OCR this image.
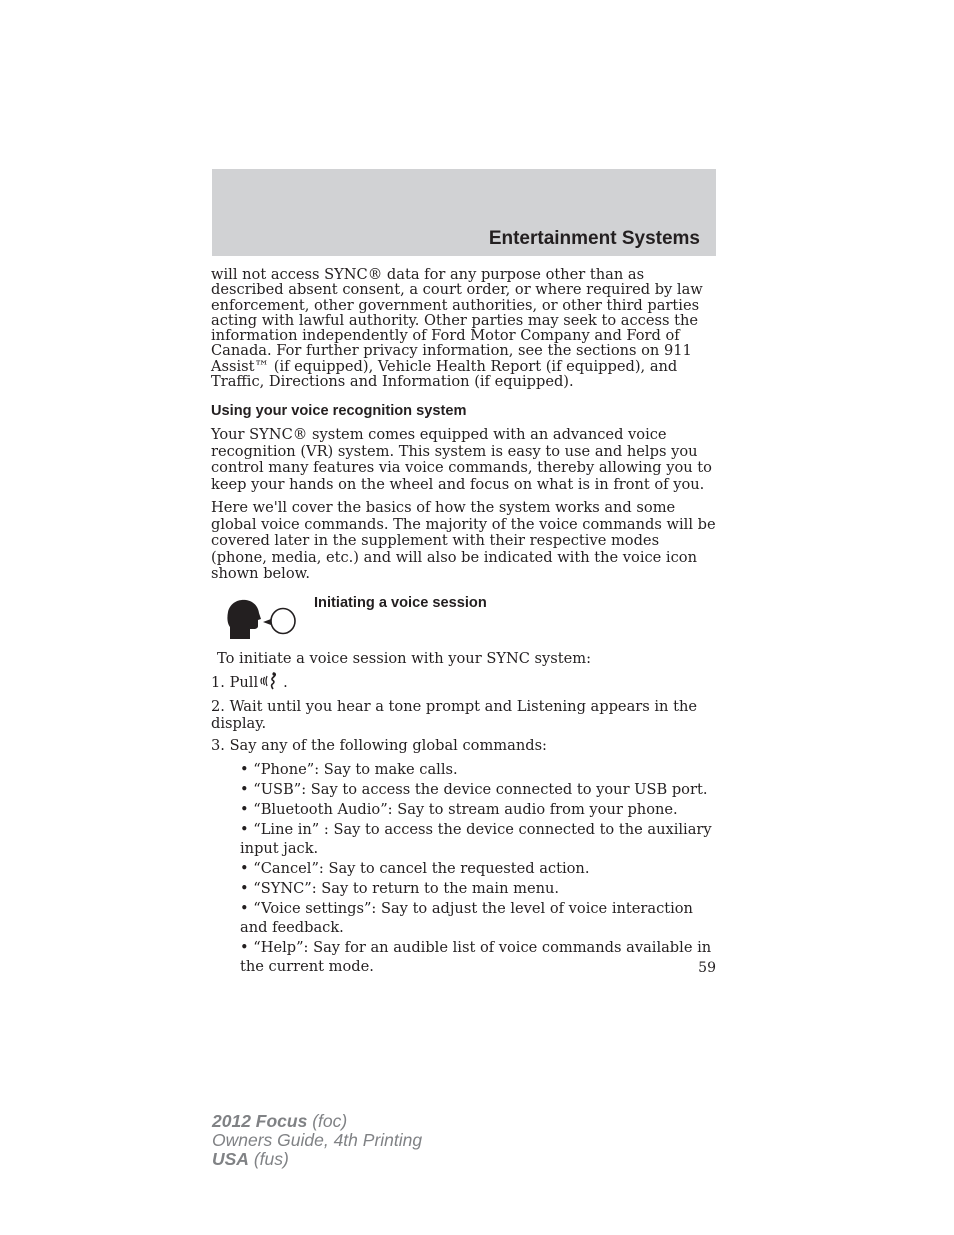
Entertainment Systems

will not access SYNC® data for any purpose other than as described absent consent, a court order, or where required by law enforcement, other government authorities, or other third parties acting with lawful authority. Other parties may seek to access the information independently of Ford Motor Company and Ford of Canada. For further privacy information, see the sections on 911 Assist™ (if equipped), Vehicle Health Report (if equipped), and Traffic, Directions and Information (if equipped).

Using your voice recognition system

Your SYNC® system comes equipped with an advanced voice recognition (VR) system. This system is easy to use and helps you control many features via voice commands, thereby allowing you to keep your hands on the wheel and focus on what is in front of you.

Here we'll cover the basics of how the system works and some global voice commands. The majority of the voice commands will be covered later in the supplement with their respective modes (phone, media, etc.) and will also be indicated with the voice icon shown below.

Initiating a voice session

To initiate a voice session with your SYNC system:

1. Pull .

2. Wait until you hear a tone prompt and Listening appears in the display.

3. Say any of the following global commands:

• “Phone”: Say to make calls.
• “USB”: Say to access the device connected to your USB port.
• “Bluetooth Audio”: Say to stream audio from your phone.
• “Line in” : Say to access the device connected to the auxiliary input jack.
• “Cancel”: Say to cancel the requested action.
• “SYNC”: Say to return to the main menu.
• “Voice settings”: Say to adjust the level of voice interaction and feedback.
• “Help”: Say for an audible list of voice commands available in the current mode.	59
2012 Focus (foc)
Owners Guide, 4th Printing
USA (fus)
